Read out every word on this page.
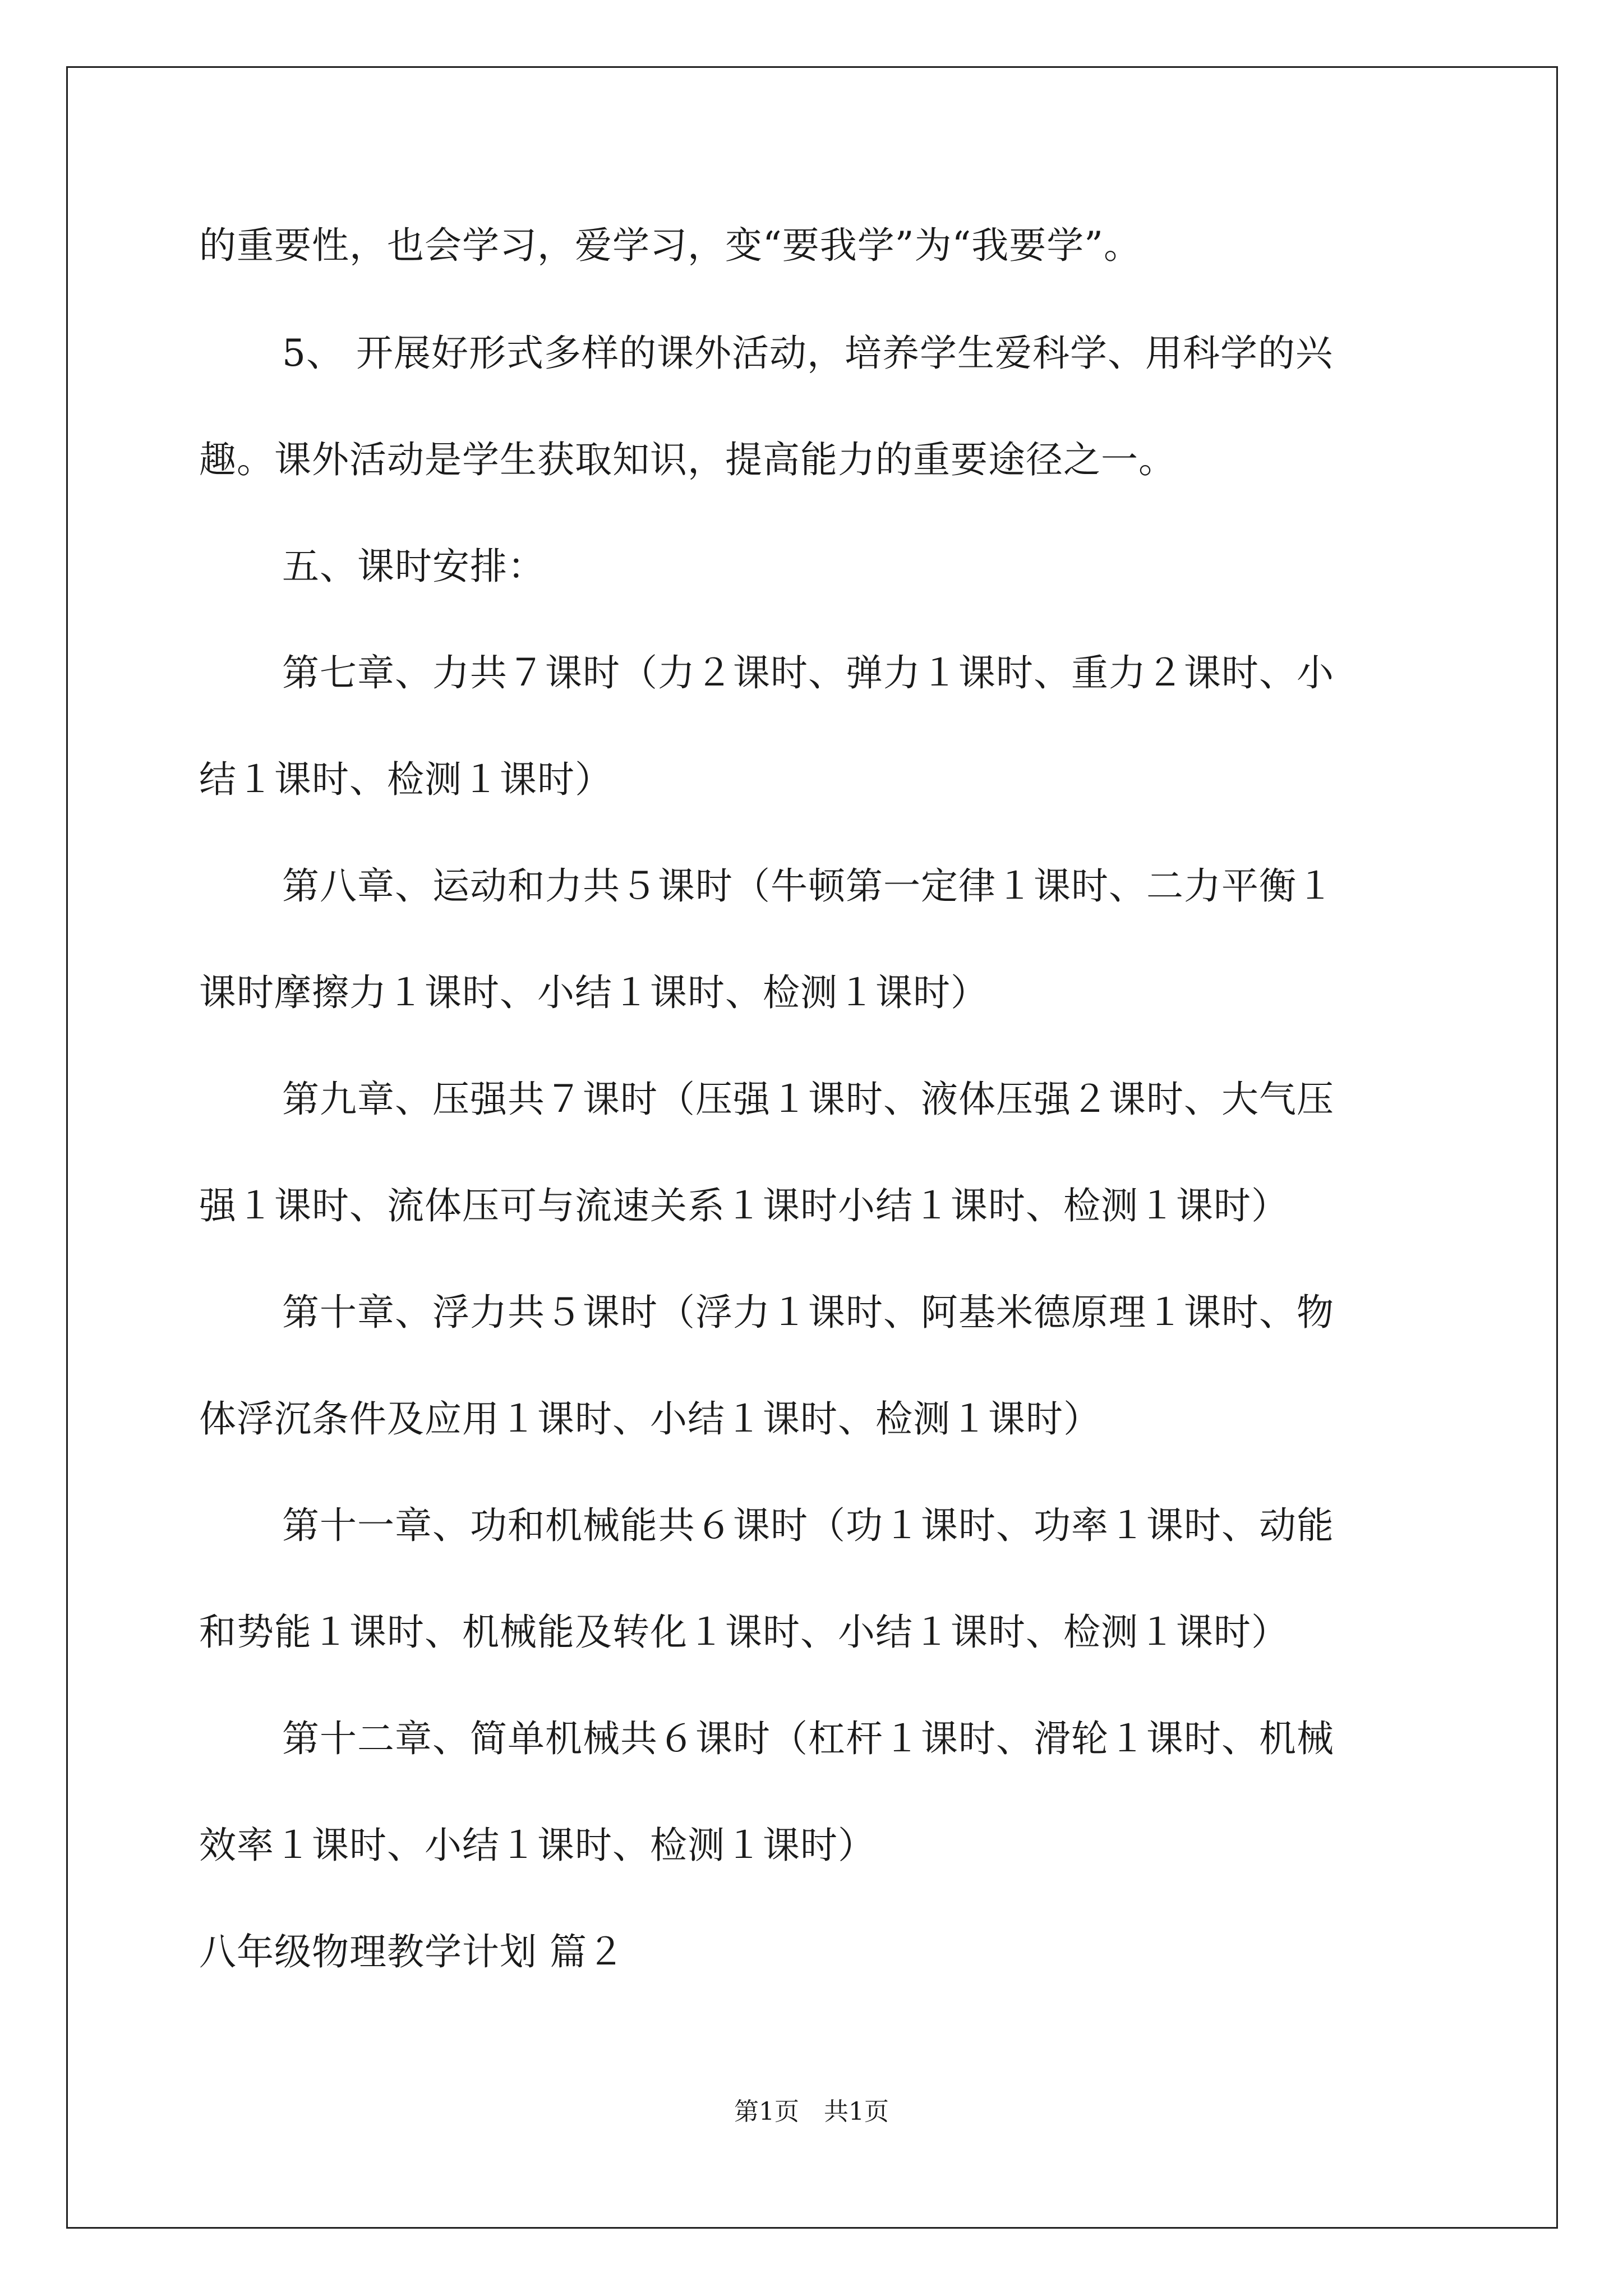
的重要性，也会学习，爱学习，变“要我学”为“我要学”。
5、 开展好形式多样的课外活动，培养学生爱科学、用科学的兴
趣。课外活动是学生获取知识，提高能力的重要途径之一。
五、课时安排：
第七章、力共７课时（力２课时、弹力１课时、重力２课时、小
结１课时、检测１课时）
第八章、运动和力共５课时（牛顿第一定律１课时、二力平衡１
课时摩擦力１课时、小结１课时、检测１课时）
第九章、压强共７课时（压强１课时、液体压强２课时、大气压
强１课时、流体压可与流速关系１课时小结１课时、检测１课时）
第十章、浮力共５课时（浮力１课时、阿基米德原理１课时、物
体浮沉条件及应用１课时、小结１课时、检测１课时）
第十一章、功和机械能共６课时（功１课时、功率１课时、动能
和势能１课时、机械能及转化１课时、小结１课时、检测１课时）
第十二章、简单机械共６课时（杠杆１课时、滑轮１课时、机械
效率１课时、小结１课时、检测１课时）
八年级物理教学计划 篇２
第1页　共1页
